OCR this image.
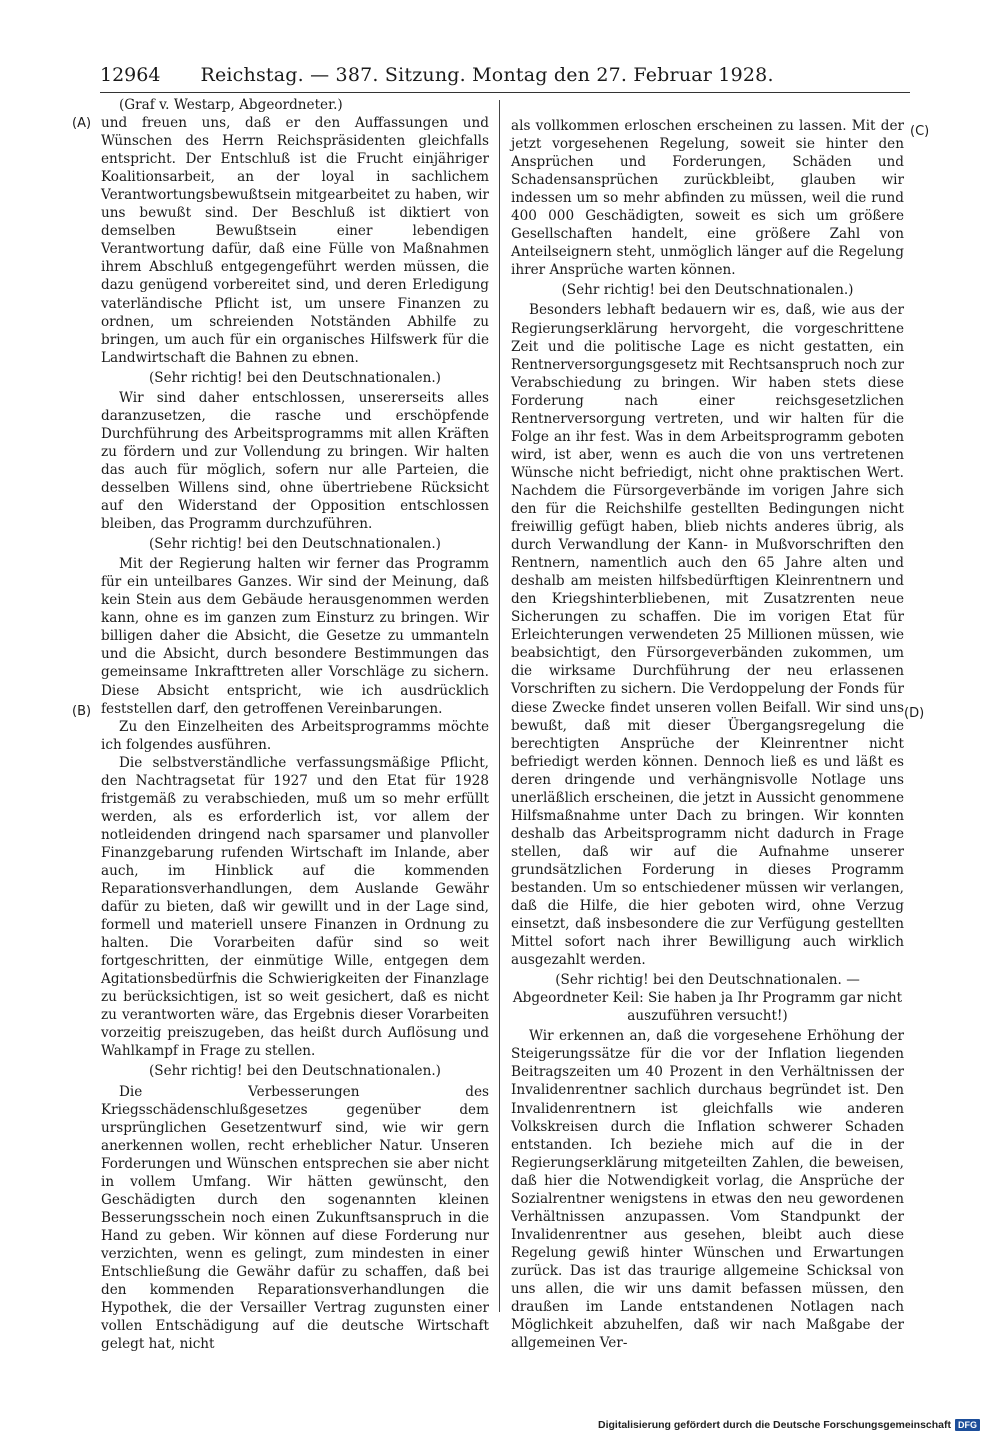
12964 Reichstag. — 387. Sitzung. Montag den 27. Februar 1928.
(A)
(B)
(C)
(D)

(Graf v. Westarp, Abgeordneter.)

und freuen uns, daß er den Auffassungen und Wünschen des Herrn Reichspräsidenten gleichfalls entspricht. Der Entschluß ist die Frucht einjähriger Koalitionsarbeit, an der loyal in sachlichem Verantwortungsbewußtsein mitgearbeitet zu haben, wir uns bewußt sind. Der Beschluß ist diktiert von demselben Bewußtsein einer lebendigen Verantwortung dafür, daß eine Fülle von Maßnahmen ihrem Abschluß entgegengeführt werden müssen, die dazu genügend vorbereitet sind, und deren Erledigung vaterländische Pflicht ist, um unsere Finanzen zu ordnen, um schreienden Notständen Abhilfe zu bringen, um auch für ein organisches Hilfswerk für die Landwirtschaft die Bahnen zu ebnen.

(Sehr richtig! bei den Deutschnationalen.)

Wir sind daher entschlossen, unsererseits alles daranzusetzen, die rasche und erschöpfende Durchführung des Arbeitsprogramms mit allen Kräften zu fördern und zur Vollendung zu bringen. Wir halten das auch für möglich, sofern nur alle Parteien, die desselben Willens sind, ohne übertriebene Rücksicht auf den Widerstand der Opposition entschlossen bleiben, das Programm durchzuführen.

(Sehr richtig! bei den Deutschnationalen.)

Mit der Regierung halten wir ferner das Programm für ein unteilbares Ganzes. Wir sind der Meinung, daß kein Stein aus dem Gebäude herausgenommen werden kann, ohne es im ganzen zum Einsturz zu bringen. Wir billigen daher die Absicht, die Gesetze zu ummanteln und die Absicht, durch besondere Bestimmungen das gemeinsame Inkrafttreten aller Vorschläge zu sichern. Diese Absicht entspricht, wie ich ausdrücklich feststellen darf, den getroffenen Vereinbarungen.

Zu den Einzelheiten des Arbeitsprogramms möchte ich folgendes ausführen.

Die selbstverständliche verfassungsmäßige Pflicht, den Nachtragsetat für 1927 und den Etat für 1928 fristgemäß zu verabschieden, muß um so mehr erfüllt werden, als es erforderlich ist, vor allem der notleidenden dringend nach sparsamer und planvoller Finanzgebarung rufenden Wirtschaft im Inlande, aber auch, im Hinblick auf die kommenden Reparationsverhandlungen, dem Auslande Gewähr dafür zu bieten, daß wir gewillt und in der Lage sind, formell und materiell unsere Finanzen in Ordnung zu halten. Die Vorarbeiten dafür sind so weit fortgeschritten, der einmütige Wille, entgegen dem Agitationsbedürfnis die Schwierigkeiten der Finanzlage zu berücksichtigen, ist so weit gesichert, daß es nicht zu verantworten wäre, das Ergebnis dieser Vorarbeiten vorzeitig preiszugeben, das heißt durch Auflösung und Wahlkampf in Frage zu stellen.

(Sehr richtig! bei den Deutschnationalen.)

Die Verbesserungen des Kriegsschädenschlußgesetzes gegenüber dem ursprünglichen Gesetzentwurf sind, wie wir gern anerkennen wollen, recht erheblicher Natur. Unseren Forderungen und Wünschen entsprechen sie aber nicht in vollem Umfang. Wir hätten gewünscht, den Geschädigten durch den sogenannten kleinen Besserungsschein noch einen Zukunftsanspruch in die Hand zu geben. Wir können auf diese Forderung nur verzichten, wenn es gelingt, zum mindesten in einer Entschließung die Gewähr dafür zu schaffen, daß bei den kommenden Reparationsverhandlungen die Hypothek, die der Versailler Vertrag zugunsten einer vollen Entschädigung auf die deutsche Wirtschaft gelegt hat, nicht

als vollkommen erloschen erscheinen zu lassen. Mit der jetzt vorgesehenen Regelung, soweit sie hinter den Ansprüchen und Forderungen, Schäden und Schadensansprüchen zurückbleibt, glauben wir indessen um so mehr abfinden zu müssen, weil die rund 400 000 Geschädigten, soweit es sich um größere Gesellschaften handelt, eine größere Zahl von Anteilseignern steht, unmöglich länger auf die Regelung ihrer Ansprüche warten können.

(Sehr richtig! bei den Deutschnationalen.)

Besonders lebhaft bedauern wir es, daß, wie aus der Regierungserklärung hervorgeht, die vorgeschrittene Zeit und die politische Lage es nicht gestatten, ein Rentnerversorgungsgesetz mit Rechtsanspruch noch zur Verabschiedung zu bringen. Wir haben stets diese Forderung nach einer reichsgesetzlichen Rentnerversorgung vertreten, und wir halten für die Folge an ihr fest. Was in dem Arbeitsprogramm geboten wird, ist aber, wenn es auch die von uns vertretenen Wünsche nicht befriedigt, nicht ohne praktischen Wert. Nachdem die Fürsorgeverbände im vorigen Jahre sich den für die Reichshilfe gestellten Bedingungen nicht freiwillig gefügt haben, blieb nichts anderes übrig, als durch Verwandlung der Kann- in Mußvorschriften den Rentnern, namentlich auch den 65 Jahre alten und deshalb am meisten hilfsbedürftigen Kleinrentnern und den Kriegshinterbliebenen, mit Zusatzrenten neue Sicherungen zu schaffen. Die im vorigen Etat für Erleichterungen verwendeten 25 Millionen müssen, wie beabsichtigt, den Fürsorgeverbänden zukommen, um die wirksame Durchführung der neu erlassenen Vorschriften zu sichern. Die Verdoppelung der Fonds für diese Zwecke findet unseren vollen Beifall. Wir sind uns bewußt, daß mit dieser Übergangsregelung die berechtigten Ansprüche der Kleinrentner nicht befriedigt werden können. Dennoch ließ es und läßt es deren dringende und verhängnisvolle Notlage uns unerläßlich erscheinen, die jetzt in Aussicht genommene Hilfsmaßnahme unter Dach zu bringen. Wir konnten deshalb das Arbeitsprogramm nicht dadurch in Frage stellen, daß wir auf die Aufnahme unserer grundsätzlichen Forderung in dieses Programm bestanden. Um so entschiedener müssen wir verlangen, daß die Hilfe, die hier geboten wird, ohne Verzug einsetzt, daß insbesondere die zur Verfügung gestellten Mittel sofort nach ihrer Bewilligung auch wirklich ausgezahlt werden.

(Sehr richtig! bei den Deutschnationalen. — Abgeordneter Keil: Sie haben ja Ihr Programm gar nicht auszuführen versucht!)

Wir erkennen an, daß die vorgesehene Erhöhung der Steigerungssätze für die vor der Inflation liegenden Beitragszeiten um 40 Prozent in den Verhältnissen der Invalidenrentner sachlich durchaus begründet ist. Den Invalidenrentnern ist gleichfalls wie anderen Volkskreisen durch die Inflation schwerer Schaden entstanden. Ich beziehe mich auf die in der Regierungserklärung mitgeteilten Zahlen, die beweisen, daß hier die Notwendigkeit vorlag, die Ansprüche der Sozialrentner wenigstens in etwas den neu gewordenen Verhältnissen anzupassen. Vom Standpunkt der Invalidenrentner aus gesehen, bleibt auch diese Regelung gewiß hinter Wünschen und Erwartungen zurück. Das ist das traurige allgemeine Schicksal von uns allen, die wir uns damit befassen müssen, den draußen im Lande entstandenen Notlagen nach Möglichkeit abzuhelfen, daß wir nach Maßgabe der allgemeinen Ver-

Digitalisierung gefördert durch die Deutsche Forschungsgemeinschaft DFG
